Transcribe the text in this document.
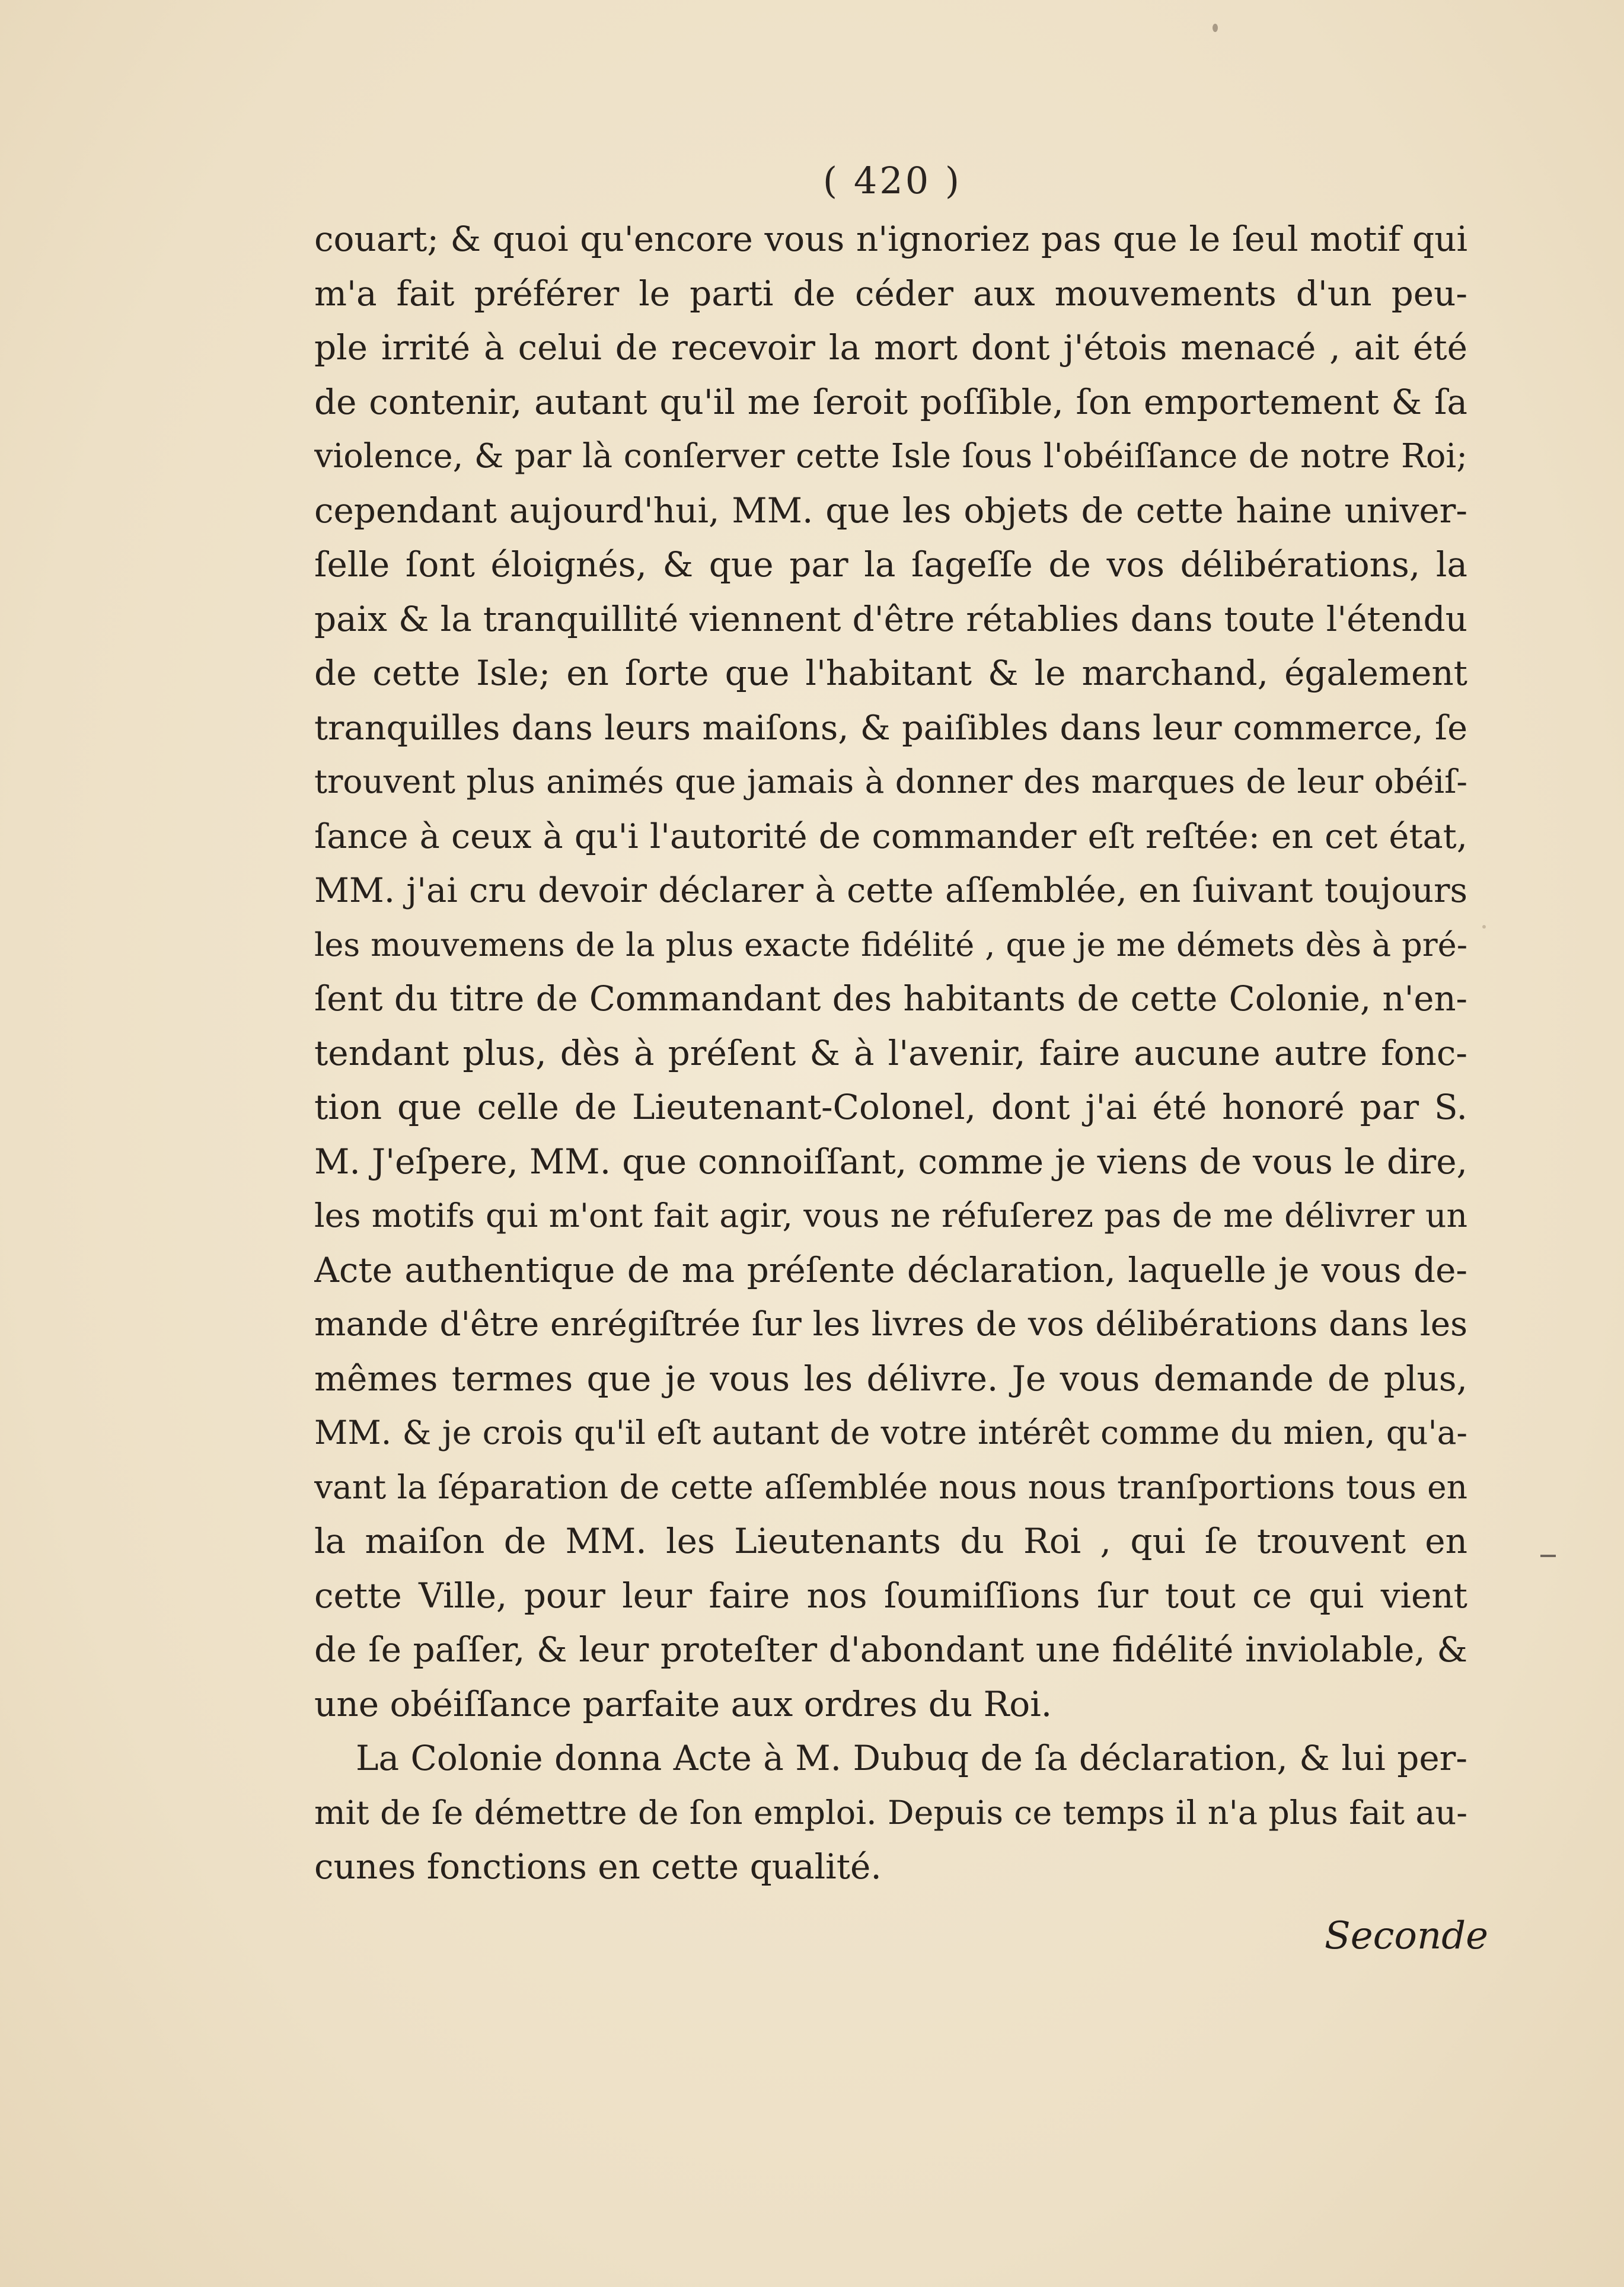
( 420 )
couart; & quoi qu'encore vous n'ignoriez pas que le ſeul motif qui
m'a fait préférer le parti de céder aux mouvements d'un peu-
ple irrité à celui de recevoir la mort dont j'étois menacé , ait été
de contenir, autant qu'il me ſeroit poſſible, ſon emportement & ſa
violence, & par là conſerver cette Isle ſous l'obéiſſance de notre Roi;
cependant aujourd'hui, MM. que les objets de cette haine univer-
ſelle ſont éloignés, & que par la ſageſſe de vos délibérations, la
paix & la tranquillité viennent d'être rétablies dans toute l'étendu
de cette Isle; en ſorte que l'habitant & le marchand, également
tranquilles dans leurs maiſons, & paiſibles dans leur commerce, ſe
trouvent plus animés que jamais à donner des marques de leur obéiſ-
ſance à ceux à qu'i l'autorité de commander eſt reſtée: en cet état,
MM. j'ai cru devoir déclarer à cette aſſemblée, en ſuivant toujours
les mouvemens de la plus exacte fidélité , que je me démets dès à pré-
ſent du titre de Commandant des habitants de cette Colonie, n'en-
tendant plus, dès à préſent & à l'avenir, faire aucune autre fonc-
tion que celle de Lieutenant-Colonel, dont j'ai été honoré par S.
M. J'eſpere, MM. que connoiſſant, comme je viens de vous le dire,
les motifs qui m'ont fait agir, vous ne réfuſerez pas de me délivrer un
Acte authentique de ma préſente déclaration, laquelle je vous de-
mande d'être enrégiſtrée ſur les livres de vos délibérations dans les
mêmes termes que je vous les délivre. Je vous demande de plus,
MM. & je crois qu'il eſt autant de votre intérêt comme du mien, qu'a-
vant la ſéparation de cette aſſemblée nous nous tranſportions tous en
la maiſon de MM. les Lieutenants du Roi , qui ſe trouvent en
cette Ville, pour leur faire nos ſoumiſſions ſur tout ce qui vient
de ſe paſſer, & leur proteſter d'abondant une fidélité inviolable, &
une obéiſſance parfaite aux ordres du Roi.
La Colonie donna Acte à M. Dubuq de ſa déclaration, & lui per-
mit de ſe démettre de ſon emploi. Depuis ce temps il n'a plus fait au-
cunes fonctions en cette qualité.
Seconde
